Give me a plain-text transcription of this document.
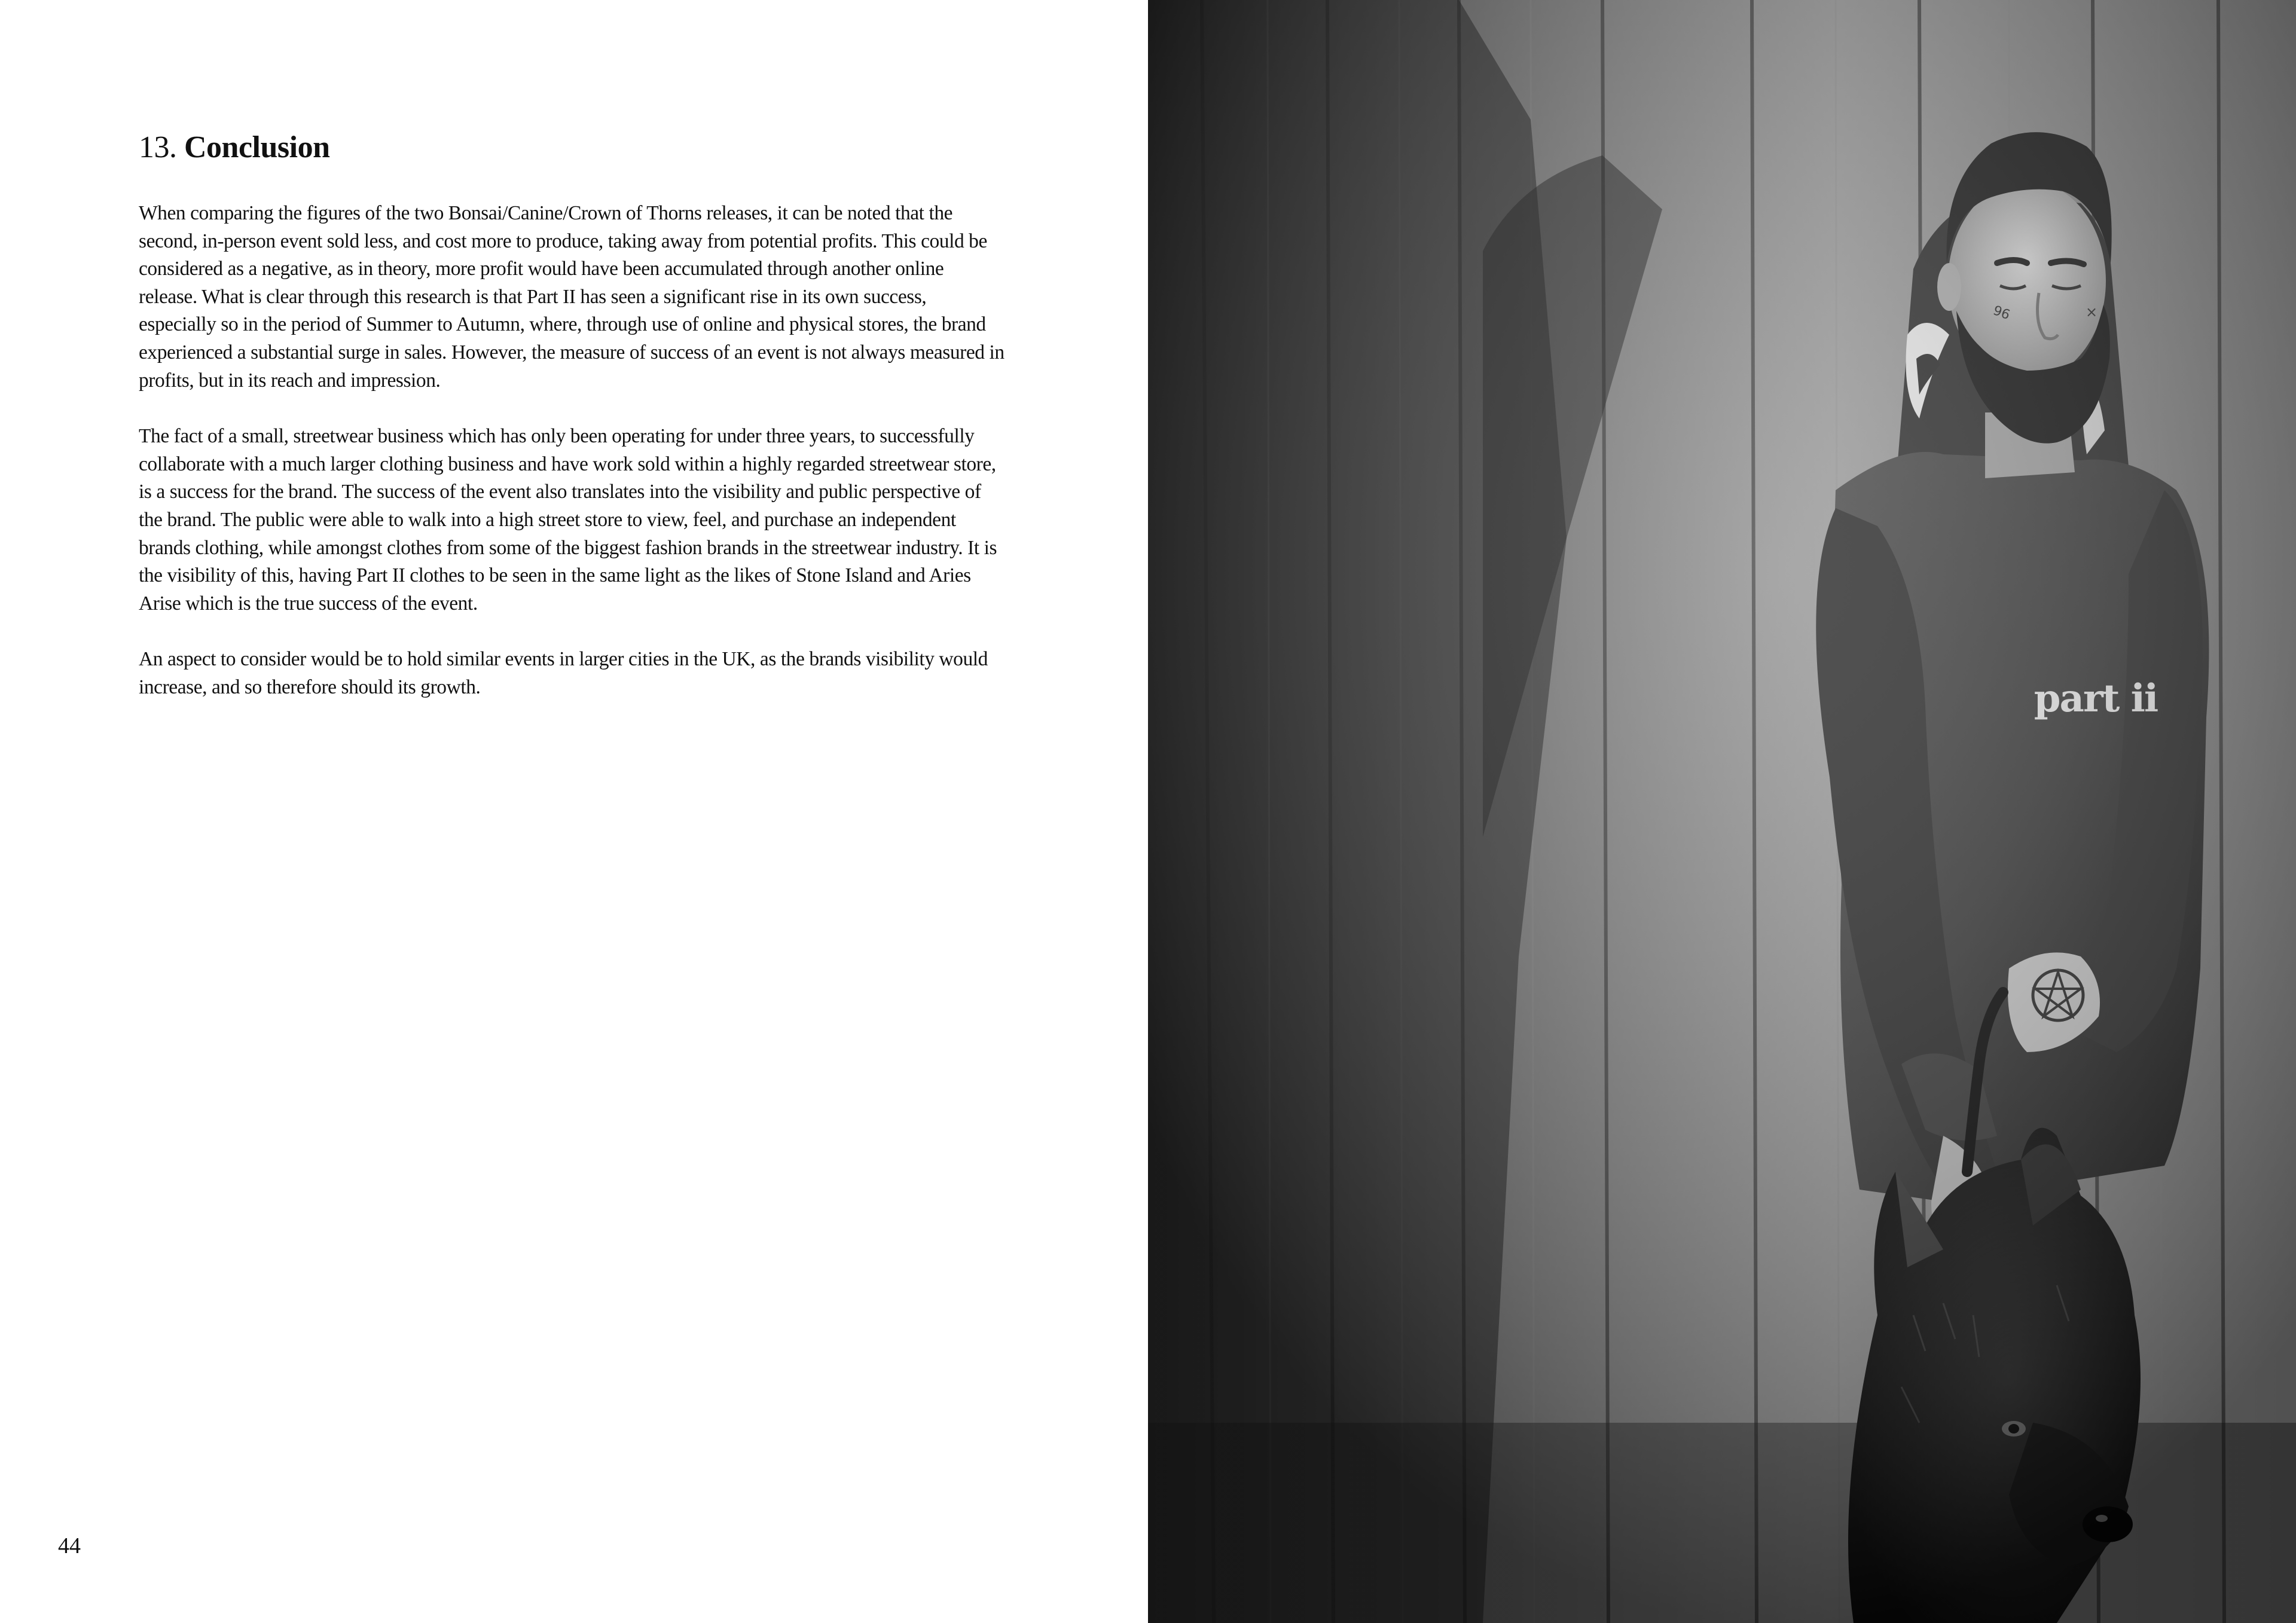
13. Conclusion

When comparing the figures of the two Bonsai/Canine/Crown of Thorns releases, it can be noted that the second, in-person event sold less, and cost more to produce, taking away from potential profits. This could be considered as a negative, as in theory, more profit would have been accumulated through another online release. What is clear through this research is that Part II has seen a significant rise in its own success, especially so in the period of Summer to Autumn, where, through use of online and physical stores, the brand experienced a substantial surge in sales. However, the measure of success of an event is not always measured in profits, but in its reach and impression.

The fact of a small, streetwear business which has only been operating for under three years, to successfully collaborate with a much larger clothing business and have work sold within a highly regarded streetwear store, is a success for the brand. The success of the event also translates into the visibility and public perspective of the brand. The public were able to walk into a high street store to view, feel, and purchase an independent brands clothing, while amongst clothes from some of the biggest fashion brands in the streetwear industry. It is the visibility of this, having Part II clothes to be seen in the same light as the likes of Stone Island and Aries Arise which is the true success of the event.

An aspect to consider would be to hold similar events in larger cities in the UK, as the brands visibility would increase, and so therefore should its growth.

44
